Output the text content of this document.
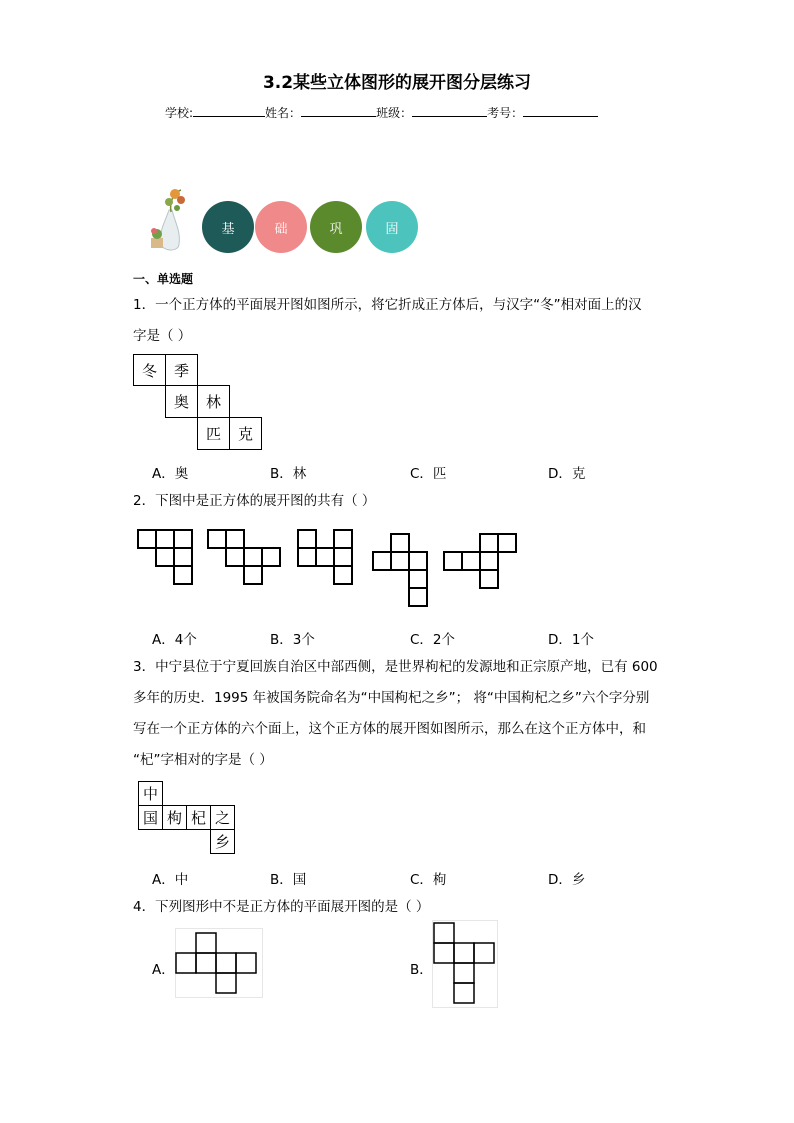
3.2某些立体图形的展开图分层练习
学校:	姓名：	班级：	考号：
基	础	巩	固
一、单选题
1．一个正方体的平面展开图如图所示，将它折成正方体后，与汉字“冬”相对面上的汉
字是（ ）
冬	季
奥	林
匹	克
A．奥	B．林	C．匹	D．克
2．下图中是正方体的展开图的共有（ ）
A．4个	B．3个	C．2个	D．1个
3．中宁县位于宁夏回族自治区中部西侧，是世界枸杞的发源地和正宗原产地，已有 600
多年的历史．1995 年被国务院命名为“中国枸杞之乡”； 将“中国枸杞之乡”六个字分别
写在一个正方体的六个面上，这个正方体的展开图如图所示，那么在这个正方体中，和
“杞”字相对的字是（ ）
中
国 枸 杞 之
乡
A．中	B．国	C．枸	D．乡
4．下列图形中不是正方体的平面展开图的是（ ）
A．	B．
